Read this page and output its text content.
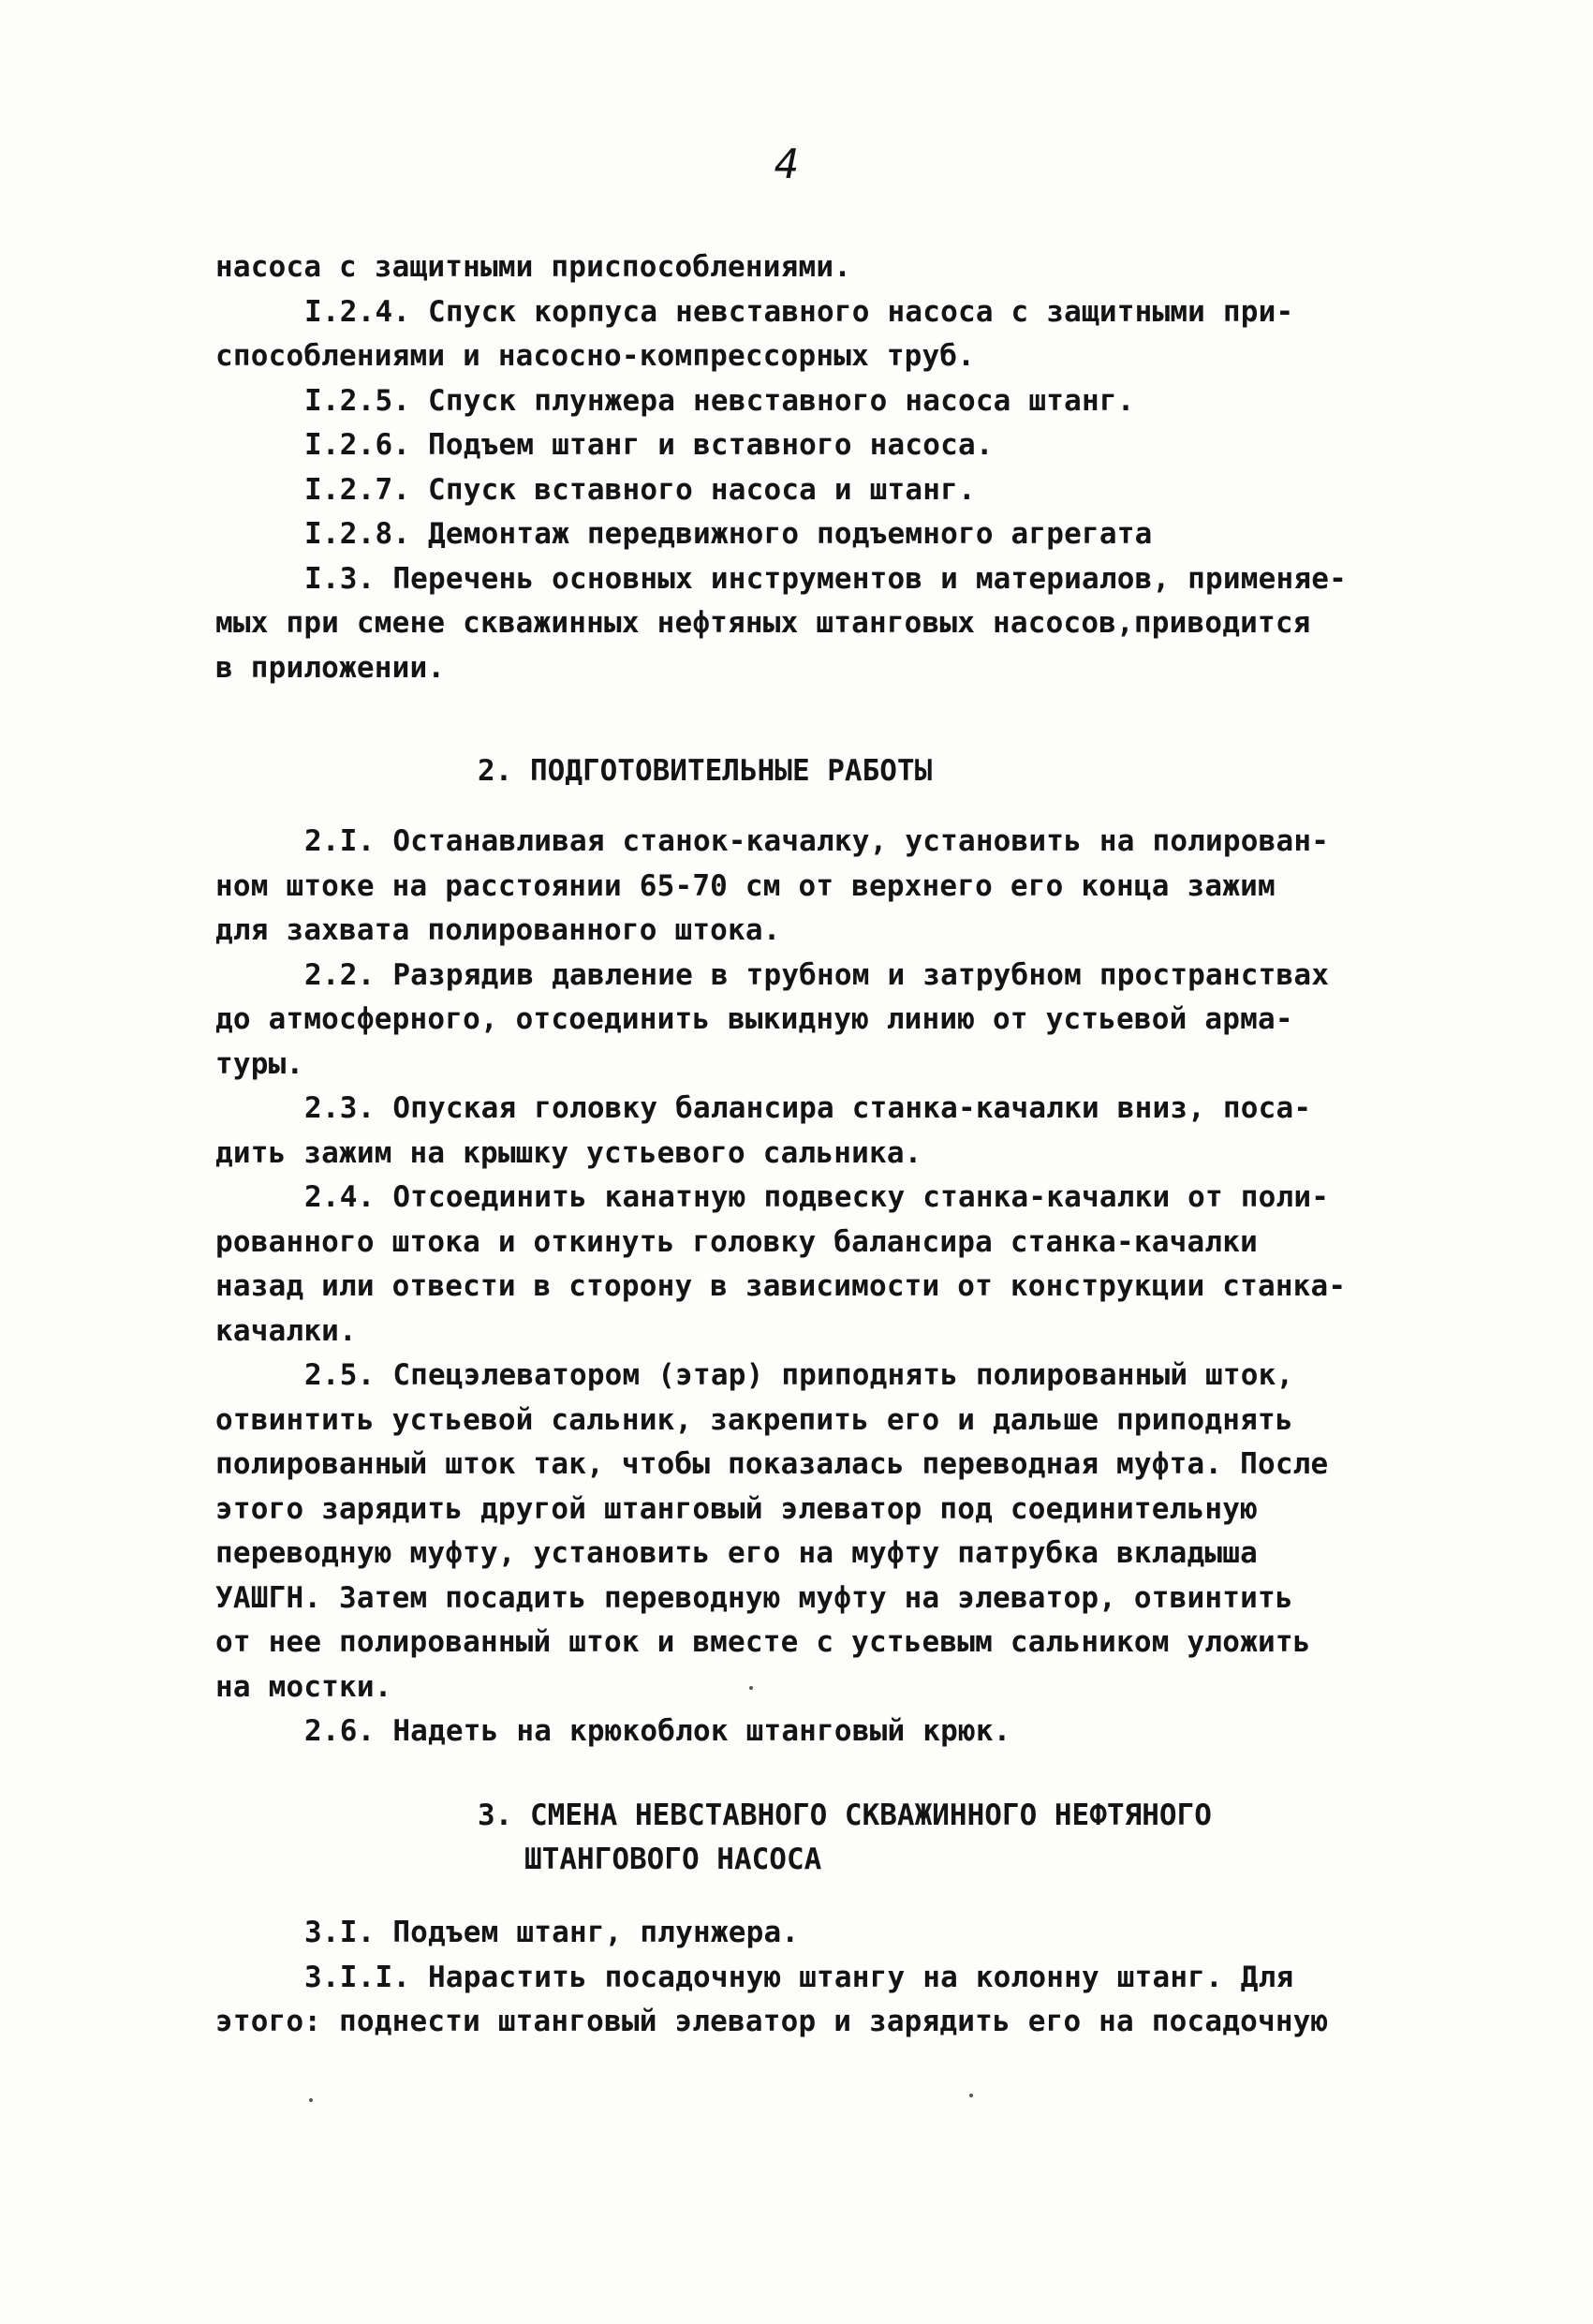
4
насоса с защитными приспособлениями.
I.2.4. Спуск корпуса невставного насоса с защитными при-
способлениями и насосно-компрессорных труб.
I.2.5. Спуск плунжера невставного насоса штанг.
I.2.6. Подъем штанг и вставного насоса.
I.2.7. Спуск вставного насоса и штанг.
I.2.8. Демонтаж передвижного подъемного агрегата
I.3. Перечень основных инструментов и материалов, применяе-
мых при смене скважинных нефтяных штанговых насосов,приводится
в приложении.
2. ПОДГОТОВИТЕЛЬНЫЕ РАБОТЫ
2.I. Останавливая станок-качалку, установить на полирован-
ном штоке на расстоянии 65-70 см от верхнего его конца зажим
для захвата полированного штока.
2.2. Разрядив давление в трубном и затрубном пространствах
до атмосферного, отсоединить выкидную линию от устьевой арма-
туры.
2.3. Опуская головку балансира станка-качалки вниз, поса-
дить зажим на крышку устьевого сальника.
2.4. Отсоединить канатную подвеску станка-качалки от поли-
рованного штока и откинуть головку балансира станка-качалки
назад или отвести в сторону в зависимости от конструкции станка-
качалки.
2.5. Спецэлеватором (этар) приподнять полированный шток,
отвинтить устьевой сальник, закрепить его и дальше приподнять
полированный шток так, чтобы показалась переводная муфта. После
этого зарядить другой штанговый элеватор под соединительную
переводную муфту, установить его на муфту патрубка вкладыша
УАШГН. Затем посадить переводную муфту на элеватор, отвинтить
от нее полированный шток и вместе с устьевым сальником уложить
на мостки.
2.6. Надеть на крюкоблок штанговый крюк.
3. СМЕНА НЕВСТАВНОГО СКВАЖИННОГО НЕФТЯНОГО
ШТАНГОВОГО НАСОСА
3.I. Подъем штанг, плунжера.
3.I.I. Нарастить посадочную штангу на колонну штанг. Для
этого: поднести штанговый элеватор и зарядить его на посадочную
